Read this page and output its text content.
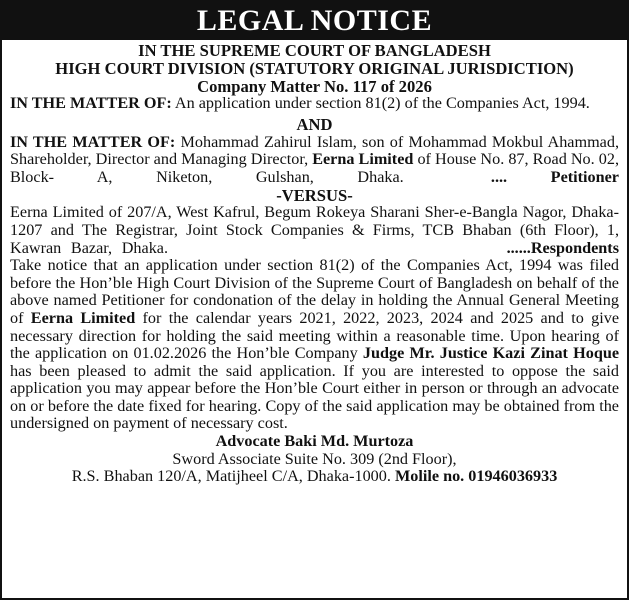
LEGAL NOTICE
IN THE SUPREME COURT OF BANGLADESH
HIGH COURT DIVISION (STATUTORY ORIGINAL JURISDICTION)
Company Matter No. 117 of 2026

IN THE MATTER OF: An application under section 81(2) of the Companies Act, 1994.

AND

IN THE MATTER OF: Mohammad Zahirul Islam, son of Mohammad Mokbul Ahammad, Shareholder, Director and Managing Director, Eerna Limited of House No. 87, Road No. 02, Block- A, Niketon, Gulshan, Dhaka.	.... Petitioner

-VERSUS-

Eerna Limited of 207/A, West Kafrul, Begum Rokeya Sharani Sher-e-Bangla Nagor, Dhaka-1207 and The Registrar, Joint Stock Companies & Firms, TCB Bhaban (6th Floor), 1, Kawran Bazar, Dhaka.	......Respondents

Take notice that an application under section 81(2) of the Companies Act, 1994 was filed before the Hon’ble High Court Division of the Supreme Court of Bangladesh on behalf of the above named Petitioner for condonation of the delay in holding the Annual General Meeting of Eerna Limited for the calendar years 2021, 2022, 2023, 2024 and 2025 and to give necessary direction for holding the said meeting within a reasonable time. Upon hearing of the application on 01.02.2026 the Hon’ble Company Judge Mr. Justice Kazi Zinat Hoque has been pleased to admit the said application. If you are interested to oppose the said application you may appear before the Hon’ble Court either in person or through an advocate on or before the date fixed for hearing. Copy of the said application may be obtained from the undersigned on payment of necessary cost.

Advocate Baki Md. Murtoza
Sword Associate Suite No. 309 (2nd Floor),
R.S. Bhaban 120/A, Matijheel C/A, Dhaka-1000. Molile no. 01946036933
